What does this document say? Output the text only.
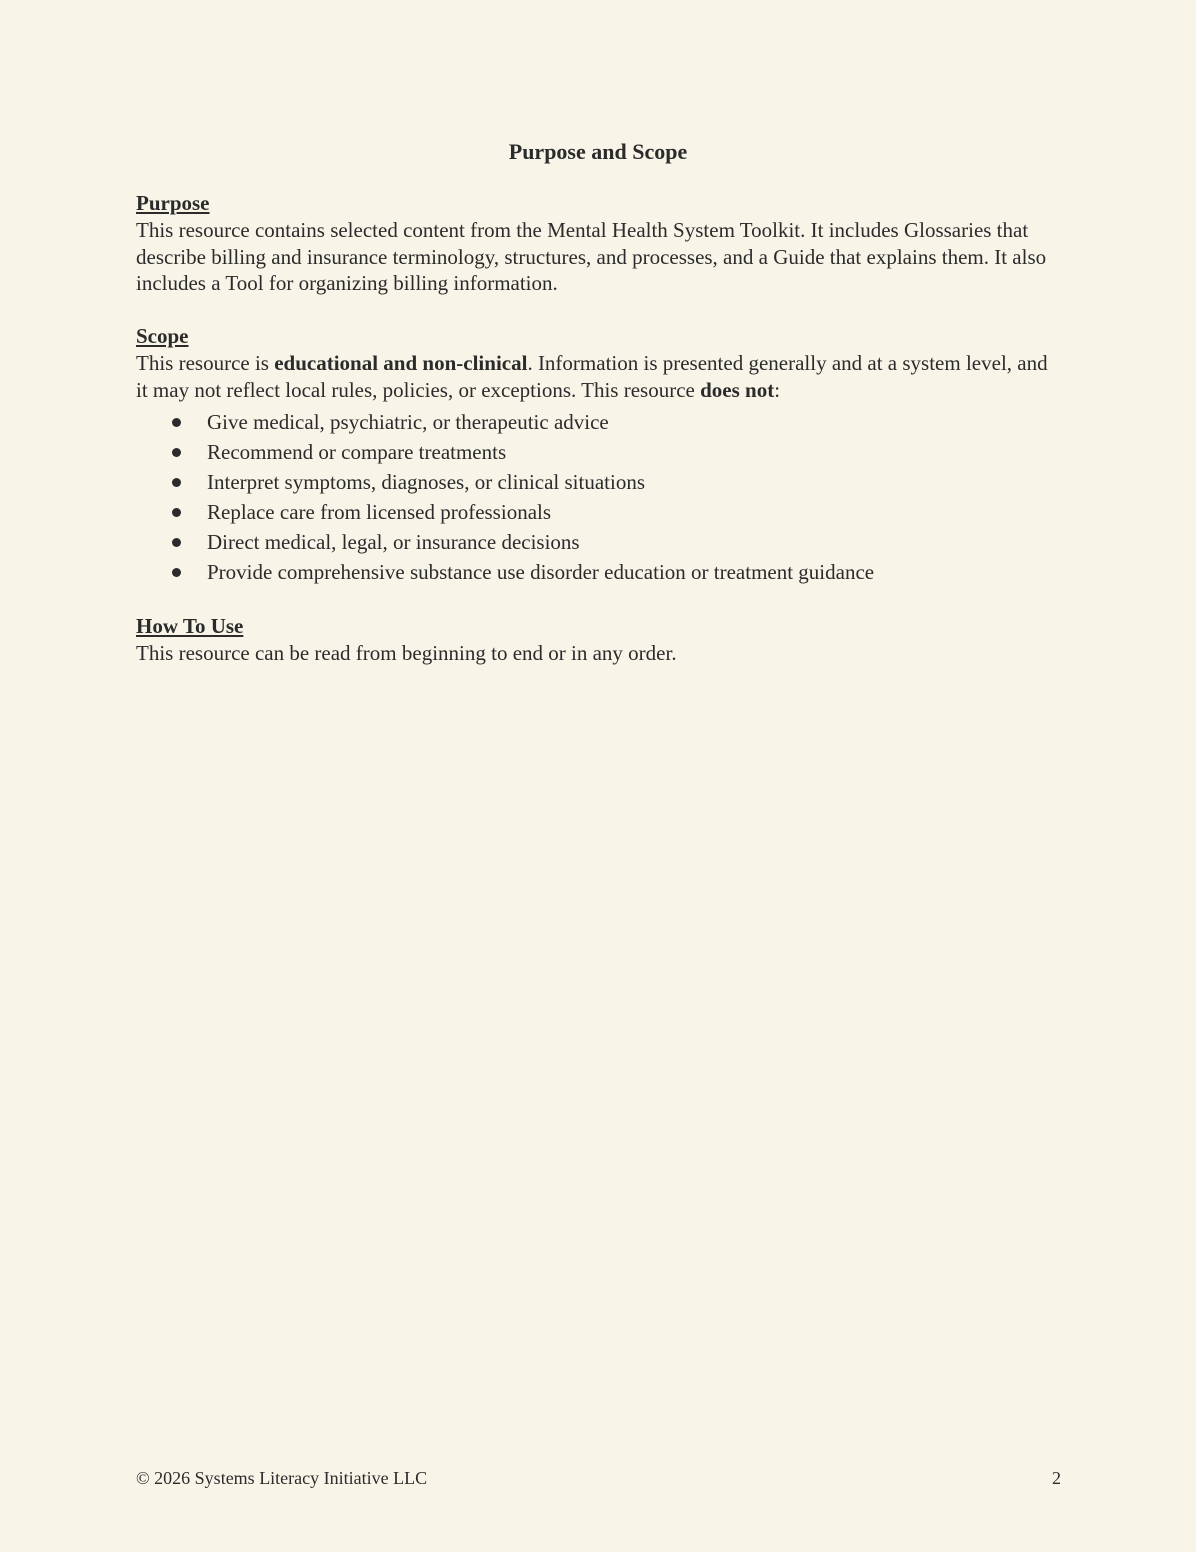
Purpose and Scope

Purpose

This resource contains selected content from the Mental Health System Toolkit. It includes Glossaries that describe billing and insurance terminology, structures, and processes, and a Guide that explains them. It also includes a Tool for organizing billing information.

Scope

This resource is educational and non-clinical. Information is presented generally and at a system level, and it may not reflect local rules, policies, or exceptions. This resource does not:

Give medical, psychiatric, or therapeutic advice
Recommend or compare treatments
Interpret symptoms, diagnoses, or clinical situations
Replace care from licensed professionals
Direct medical, legal, or insurance decisions
Provide comprehensive substance use disorder education or treatment guidance

How To Use

This resource can be read from beginning to end or in any order.

© 2026 Systems Literacy Initiative LLC	2
